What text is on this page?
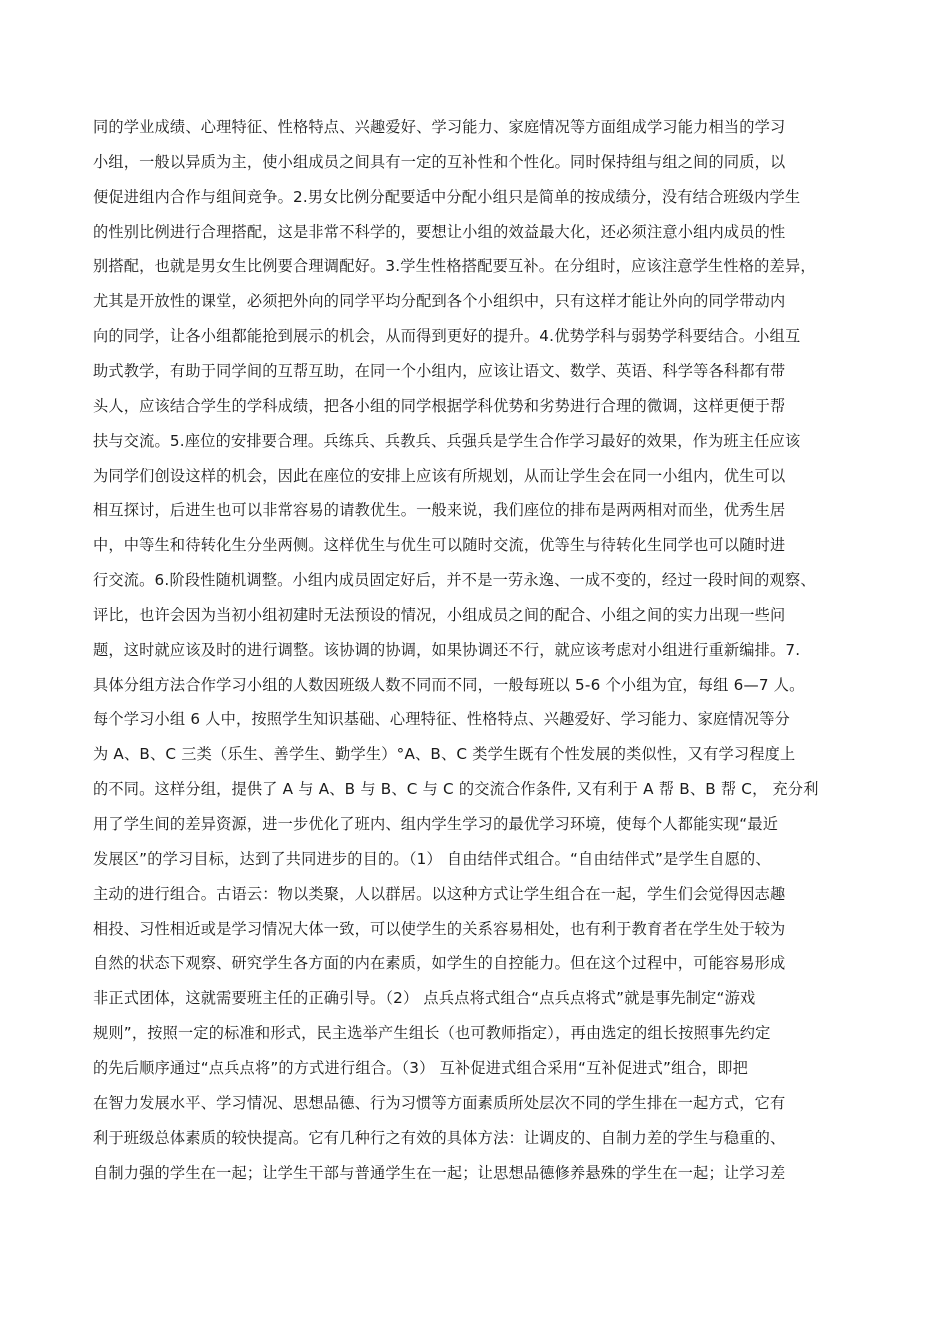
同的学业成绩、心理特征、性格特点、兴趣爱好、学习能力、家庭情况等方面组成学习能力相当的学习
小组，一般以异质为主，使小组成员之间具有一定的互补性和个性化。同时保持组与组之间的同质，以
便促进组内合作与组间竞争。2.男女比例分配要适中分配小组只是简单的按成绩分，没有结合班级内学生
的性别比例进行合理搭配，这是非常不科学的，要想让小组的效益最大化，还必须注意小组内成员的性
别搭配，也就是男女生比例要合理调配好。3.学生性格搭配要互补。在分组时，应该注意学生性格的差异，
尤其是开放性的课堂，必须把外向的同学平均分配到各个小组织中，只有这样才能让外向的同学带动内
向的同学，让各小组都能抢到展示的机会，从而得到更好的提升。4.优势学科与弱势学科要结合。小组互
助式教学，有助于同学间的互帮互助，在同一个小组内，应该让语文、数学、英语、科学等各科都有带
头人，应该结合学生的学科成绩，把各小组的同学根据学科优势和劣势进行合理的微调，这样更便于帮
扶与交流。5.座位的安排要合理。兵练兵、兵教兵、兵强兵是学生合作学习最好的效果，作为班主任应该
为同学们创设这样的机会，因此在座位的安排上应该有所规划，从而让学生会在同一小组内，优生可以
相互探讨，后进生也可以非常容易的请教优生。一般来说，我们座位的排布是两两相对而坐，优秀生居
中，中等生和待转化生分坐两侧。这样优生与优生可以随时交流，优等生与待转化生同学也可以随时进
行交流。6.阶段性随机调整。小组内成员固定好后，并不是一劳永逸、一成不变的，经过一段时间的观察、
评比，也许会因为当初小组初建时无法预设的情况，小组成员之间的配合、小组之间的实力出现一些问
题，这时就应该及时的进行调整。该协调的协调，如果协调还不行，就应该考虑对小组进行重新编排。7.
具体分组方法合作学习小组的人数因班级人数不同而不同，一般每班以 5-6 个小组为宜，每组 6—7 人。
每个学习小组 6 人中，按照学生知识基础、心理特征、性格特点、兴趣爱好、学习能力、家庭情况等分
为 A、B、C 三类（乐生、善学生、勤学生）°A、B、C 类学生既有个性发展的类似性，又有学习程度上
的不同。这样分组，提供了 A 与 A、B 与 B、C 与 C 的交流合作条件, 又有利于 A 帮 B、B 帮 C， 充分利
用了学生间的差异资源，进一步优化了班内、组内学生学习的最优学习环境，使每个人都能实现“最近
发展区”的学习目标，达到了共同进步的目的。（1） 自由结伴式组合。“自由结伴式”是学生自愿的、
主动的进行组合。古语云：物以类聚，人以群居。以这种方式让学生组合在一起，学生们会觉得因志趣
相投、习性相近或是学习情况大体一致，可以使学生的关系容易相处，也有利于教育者在学生处于较为
自然的状态下观察、研究学生各方面的内在素质，如学生的自控能力。但在这个过程中，可能容易形成
非正式团体，这就需要班主任的正确引导。（2） 点兵点将式组合“点兵点将式”就是事先制定“游戏
规则”，按照一定的标准和形式，民主选举产生组长（也可教师指定），再由选定的组长按照事先约定
的先后顺序通过“点兵点将”的方式进行组合。（3） 互补促进式组合采用“互补促进式”组合，即把
在智力发展水平、学习情况、思想品德、行为习惯等方面素质所处层次不同的学生排在一起方式，它有
利于班级总体素质的较快提高。它有几种行之有效的具体方法：让调皮的、自制力差的学生与稳重的、
自制力强的学生在一起；让学生干部与普通学生在一起；让思想品德修养悬殊的学生在一起；让学习差
